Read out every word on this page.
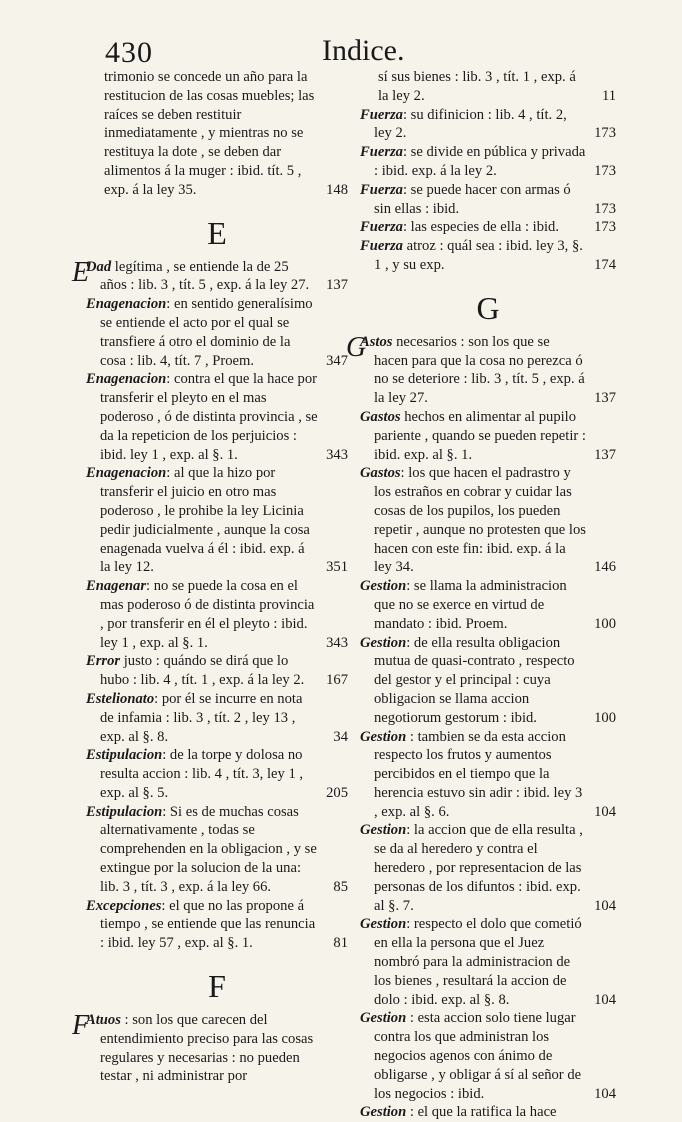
430	Indice.
trimonio se concede un año para la restitucion de las cosas muebles; las raíces se deben restituir inmediatamente , y mientras no se restituya la dote , se deben dar alimentos á la muger : ibid. tít. 5 , exp. á la ley 35.	148
E
E
Dad legítima , se entiende la de 25 años : lib. 3 , tít. 5 , exp. á la ley 27. 137
Enagenacion: en sentido generalísimo se entiende el acto por el qual se transfiere á otro el dominio de la cosa : lib. 4, tít. 7 , Proem.	347
Enagenacion: contra el que la hace por transferir el pleyto en el mas poderoso , ó de distinta provincia , se da la repeticion de los perjuicios : ibid. ley 1 , exp. al §. 1.	343
Enagenacion: al que la hizo por transferir el juicio en otro mas poderoso , le prohibe la ley Licinia pedir judicialmente , aunque la cosa enagenada vuelva á él : ibid. exp. á la ley 12.	351
Enagenar: no se puede la cosa en el mas poderoso ó de distinta provincia , por transferir en él el pleyto : ibid. ley 1 , exp. al §. 1.	343
Error justo : quándo se dirá que lo hubo : lib. 4 , tít. 1 , exp. á la ley 2. 167
Estelionato: por él se incurre en nota de infamia : lib. 3 , tít. 2 , ley 13 , exp. al §. 8.	34
Estipulacion: de la torpe y dolosa no resulta accion : lib. 4 , tít. 3, ley 1 , exp. al §. 5.	205
Estipulacion: Si es de muchas cosas alternativamente , todas se comprehenden en la obligacion , y se extingue por la solucion de la una: lib. 3 , tít. 3 , exp. á la ley 66.	85
Excepciones: el que no las propone á tiempo , se entiende que las renuncia : ibid. ley 57 , exp. al §. 1.	81
F
F
Atuos : son los que carecen del entendimiento preciso para las cosas regulares y necesarias : no pueden testar , ni administrar por
sí sus bienes : lib. 3 , tít. 1 , exp. á la ley 2.	11
Fuerza: su difinicion : lib. 4 , tít. 2, ley 2.	173
Fuerza: se divide en pública y privada : ibid. exp. á la ley 2.	173
Fuerza: se puede hacer con armas ó sin ellas : ibid.	173
Fuerza: las especies de ella : ibid. 173
Fuerza atroz : quál sea : ibid. ley 3, §. 1 , y su exp.	174
G
G
Astos necesarios : son los que se hacen para que la cosa no perezca ó no se deteriore : lib. 3 , tít. 5 , exp. á la ley 27.	137
Gastos hechos en alimentar al pupilo pariente , quando se pueden repetir : ibid. exp. al §. 1.	137
Gastos: los que hacen el padrastro y los estraños en cobrar y cuidar las cosas de los pupilos, los pueden repetir , aunque no protesten que los hacen con este fin: ibid. exp. á la ley 34.	146
Gestion: se llama la administracion que no se exerce en virtud de mandato : ibid. Proem.	100
Gestion: de ella resulta obligacion mutua de quasi-contrato , respecto del gestor y el principal : cuya obligacion se llama accion negotiorum gestorum : ibid.	100
Gestion : tambien se da esta accion respecto los frutos y aumentos percibidos en el tiempo que la herencia estuvo sin adir : ibid. ley 3 , exp. al §. 6.	104
Gestion: la accion que de ella resulta , se da al heredero y contra el heredero , por representacion de las personas de los difuntos : ibid. exp. al §. 7.	104
Gestion: respecto el dolo que cometió en ella la persona que el Juez nombró para la administracion de los bienes , resultará la accion de dolo : ibid. exp. al §. 8.	104
Gestion : esta accion solo tiene lugar contra los que administran los negocios agenos con ánimo de obligarse , y obligar á sí al señor de los negocios : ibid.	104
Gestion : el que la ratifica la hace
